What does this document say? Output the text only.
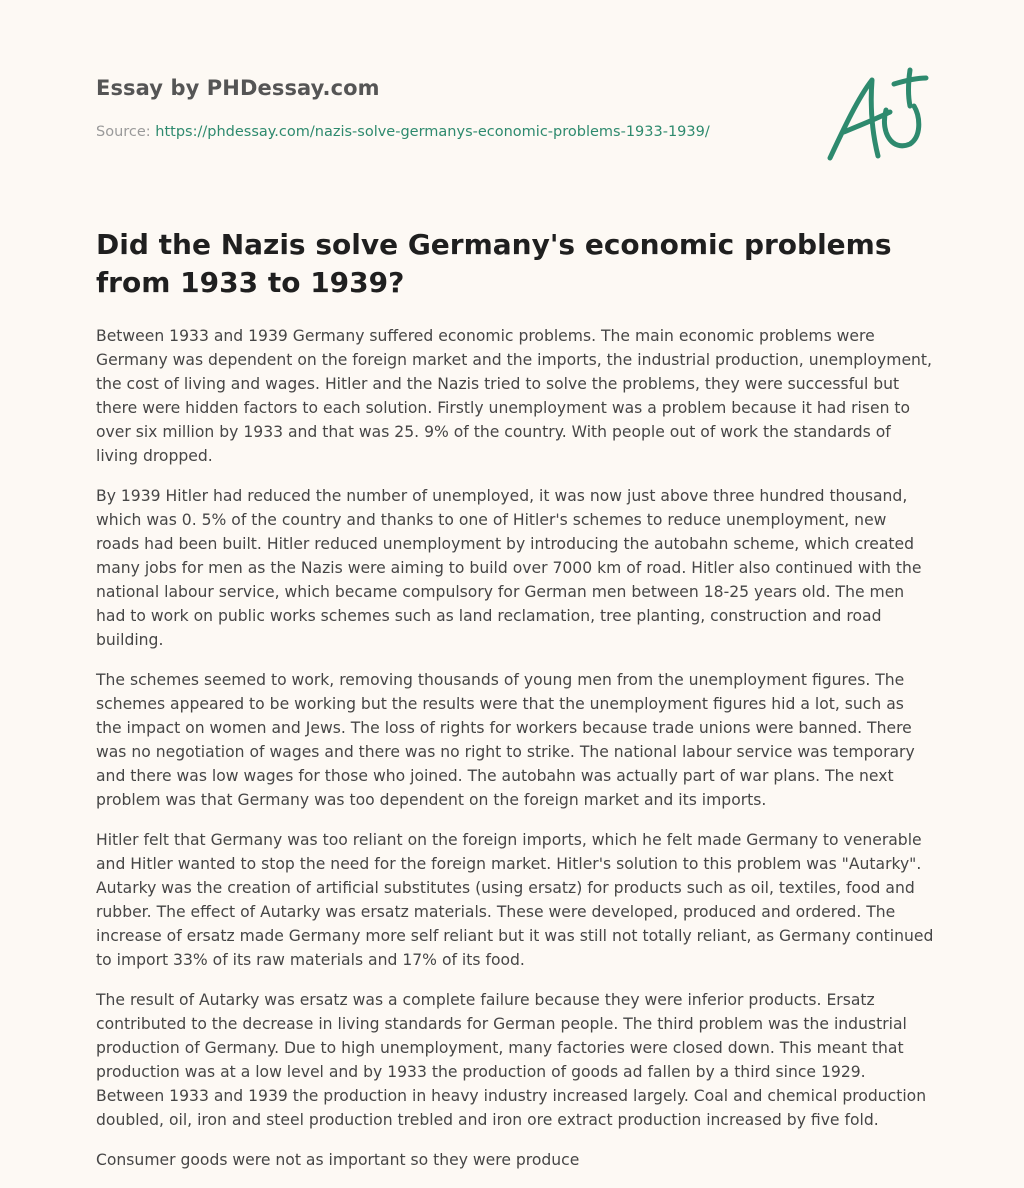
Essay by PHDessay.com
Source: https://phdessay.com/nazis-solve-germanys-economic-problems-1933-1939/
Did the Nazis solve Germany's economic problems from 1933 to 1939?

Between 1933 and 1939 Germany suffered economic problems. The main economic problems were Germany was dependent on the foreign market and the imports, the industrial production, unemployment, the cost of living and wages. Hitler and the Nazis tried to solve the problems, they were successful but there were hidden factors to each solution. Firstly unemployment was a problem because it had risen to over six million by 1933 and that was 25. 9% of the country. With people out of work the standards of living dropped.

By 1939 Hitler had reduced the number of unemployed, it was now just above three hundred thousand, which was 0. 5% of the country and thanks to one of Hitler's schemes to reduce unemployment, new roads had been built. Hitler reduced unemployment by introducing the autobahn scheme, which created many jobs for men as the Nazis were aiming to build over 7000 km of road. Hitler also continued with the national labour service, which became compulsory for German men between 18-25 years old. The men had to work on public works schemes such as land reclamation, tree planting, construction and road building.

The schemes seemed to work, removing thousands of young men from the unemployment figures. The schemes appeared to be working but the results were that the unemployment figures hid a lot, such as the impact on women and Jews. The loss of rights for workers because trade unions were banned. There was no negotiation of wages and there was no right to strike. The national labour service was temporary and there was low wages for those who joined. The autobahn was actually part of war plans. The next problem was that Germany was too dependent on the foreign market and its imports.

Hitler felt that Germany was too reliant on the foreign imports, which he felt made Germany to venerable and Hitler wanted to stop the need for the foreign market. Hitler's solution to this problem was "Autarky". Autarky was the creation of artificial substitutes (using ersatz) for products such as oil, textiles, food and rubber. The effect of Autarky was ersatz materials. These were developed, produced and ordered. The increase of ersatz made Germany more self reliant but it was still not totally reliant, as Germany continued to import 33% of its raw materials and 17% of its food.

The result of Autarky was ersatz was a complete failure because they were inferior products. Ersatz contributed to the decrease in living standards for German people. The third problem was the industrial production of Germany. Due to high unemployment, many factories were closed down. This meant that production was at a low level and by 1933 the production of goods ad fallen by a third since 1929. Between 1933 and 1939 the production in heavy industry increased largely. Coal and chemical production doubled, oil, iron and steel production trebled and iron ore extract production increased by five fold.

Consumer goods were not as important so they were produce
